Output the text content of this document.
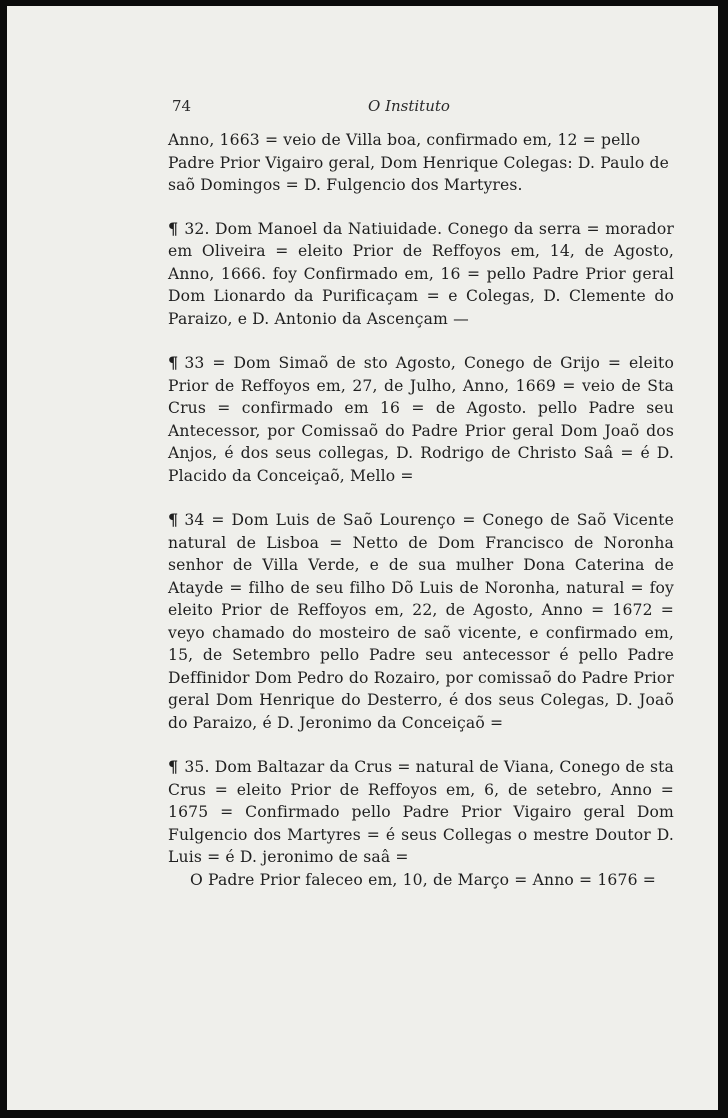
74	O Instituto

Anno, 1663 = veio de Villa boa, confirmado em, 12 = pello Padre Prior Vigairo geral, Dom Henrique Colegas: D. Paulo de saõ Domingos = D. Fulgencio dos Martyres.

¶ 32. Dom Manoel da Natiuidade. Conego da serra = morador em Oliveira = eleito Prior de Reffoyos em, 14, de Agosto, Anno, 1666. foy Confirmado em, 16 = pello Padre Prior geral Dom Lionardo da Purificaçam = e Colegas, D. Clemente do Paraizo, e D. Antonio da Ascençam —

¶ 33 = Dom Simaõ de sto Agosto, Conego de Grijo = eleito Prior de Reffoyos em, 27, de Julho, Anno, 1669 = veio de Sta Crus = confirmado em 16 = de Agosto. pello Padre seu Antecessor, por Comissaõ do Padre Prior geral Dom Joaõ dos Anjos, é dos seus collegas, D. Rodrigo de Christo Saâ = é D. Placido da Conceiçaõ, Mello =

¶ 34 = Dom Luis de Saõ Lourenço = Conego de Saõ Vicente natural de Lisboa = Netto de Dom Francisco de Noronha senhor de Villa Verde, e de sua mulher Dona Caterina de Atayde = filho de seu filho Dõ Luis de Noronha, natural = foy eleito Prior de Reffoyos em, 22, de Agosto, Anno = 1672 = veyo chamado do mosteiro de saõ vicente, e confirmado em, 15, de Setembro pello Padre seu antecessor é pello Padre Deffinidor Dom Pedro do Rozairo, por comissaõ do Padre Prior geral Dom Henrique do Desterro, é dos seus Colegas, D. Joaõ do Paraizo, é D. Jeronimo da Conceiçaõ =

¶ 35. Dom Baltazar da Crus = natural de Viana, Conego de sta Crus = eleito Prior de Reffoyos em, 6, de setebro, Anno = 1675 = Confirmado pello Padre Prior Vigairo geral Dom Fulgencio dos Martyres = é seus Collegas o mestre Doutor D. Luis = é D. jeronimo de saâ =

O Padre Prior faleceo em, 10, de Março = Anno = 1676 =
